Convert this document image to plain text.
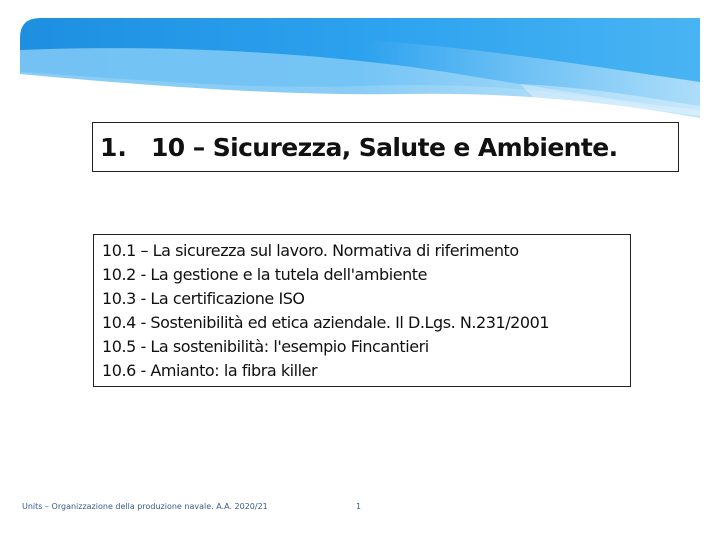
1. 10 – Sicurezza, Salute e Ambiente.
10.1 – La sicurezza sul lavoro. Normativa di riferimento
10.2 - La gestione e la tutela dell'ambiente
10.3 - La certificazione ISO
10.4 - Sostenibilità ed etica aziendale. Il D.Lgs. N.231/2001
10.5 - La sostenibilità: l'esempio Fincantieri
10.6 - Amianto: la fibra killer
Units – Organizzazione della produzione navale. A.A. 2020/21	1
